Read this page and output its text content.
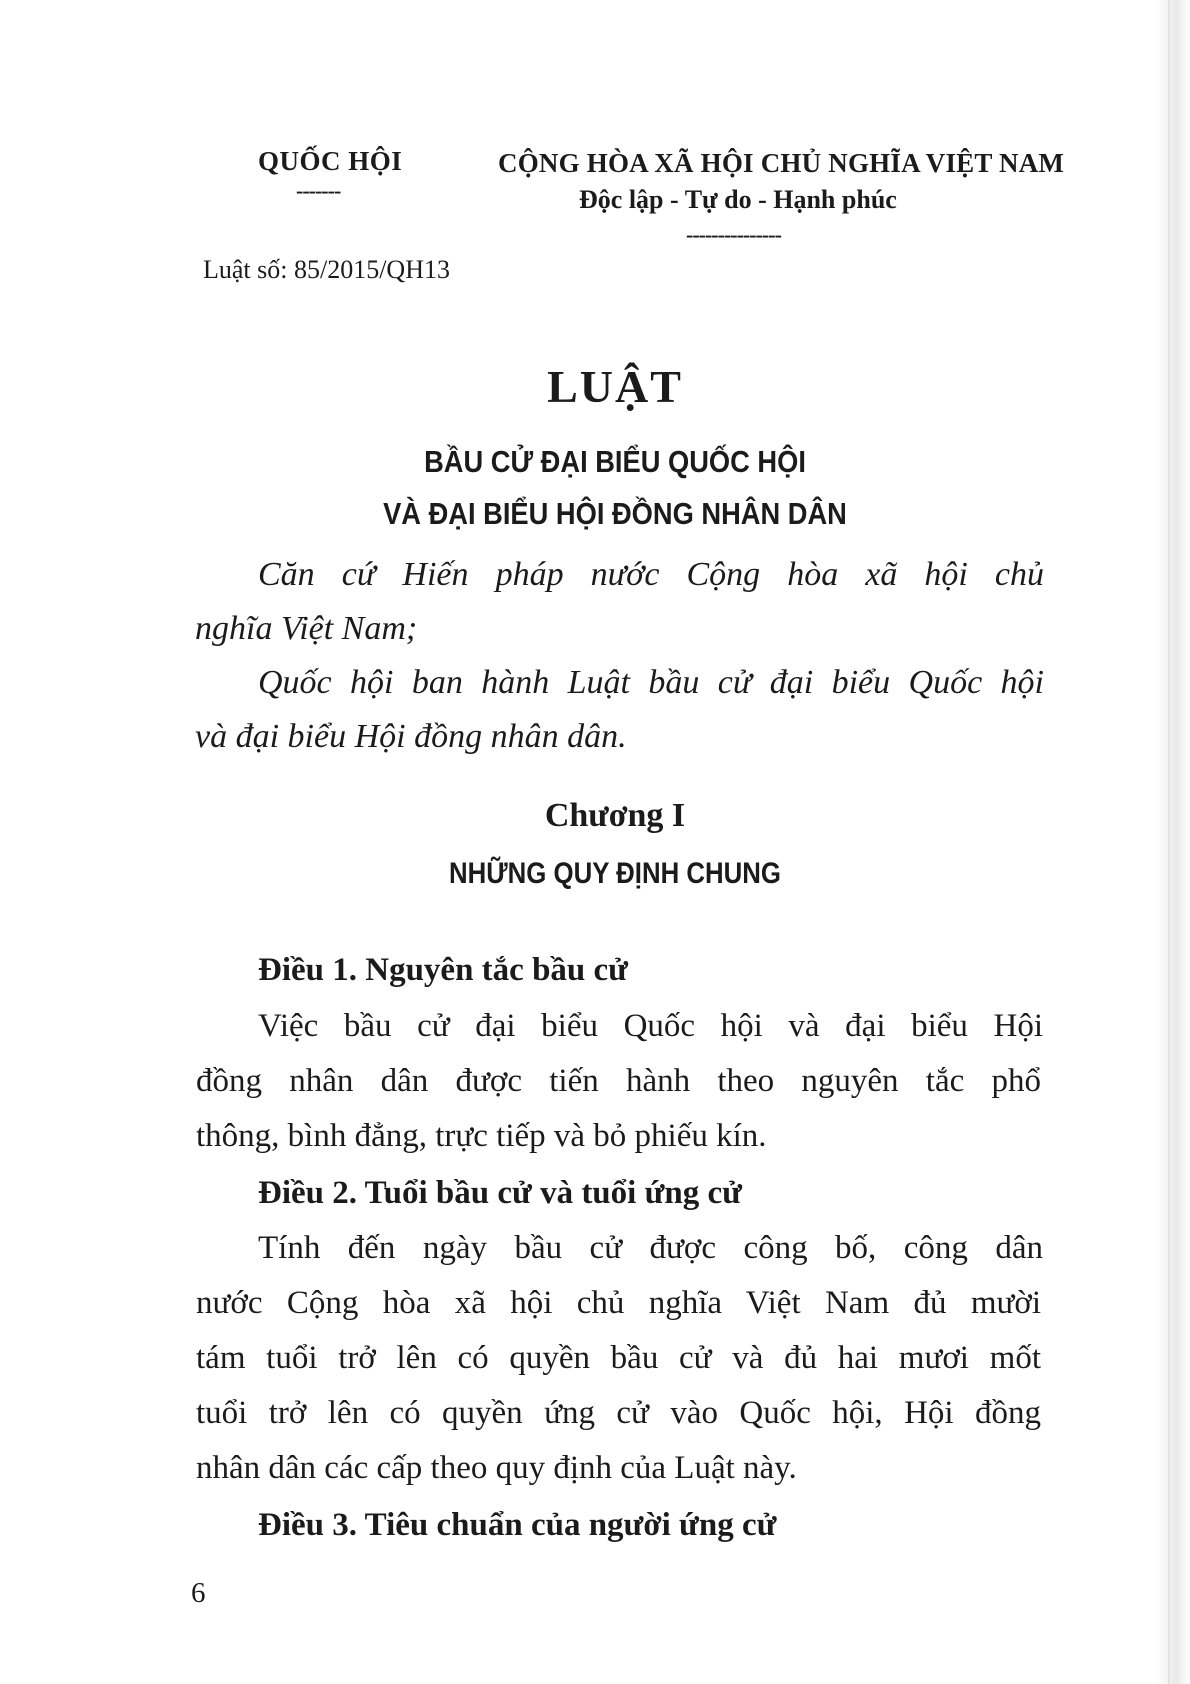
QUỐC HỘI
-------
CỘNG HÒA XÃ HỘI CHỦ NGHĨA VIỆT NAM
Độc lập - Tự do - Hạnh phúc
---------------
Luật số: 85/2015/QH13
LUẬT
BẦU CỬ ĐẠI BIỂU QUỐC HỘI
VÀ ĐẠI BIỂU HỘI ĐỒNG NHÂN DÂN
Căn cứ Hiến pháp nước Cộng hòa xã hội chủ
nghĩa Việt Nam;
Quốc hội ban hành Luật bầu cử đại biểu Quốc hội
và đại biểu Hội đồng nhân dân.
Chương I
NHỮNG QUY ĐỊNH CHUNG
Điều 1. Nguyên tắc bầu cử
Việc bầu cử đại biểu Quốc hội và đại biểu Hội
đồng nhân dân được tiến hành theo nguyên tắc phổ
thông, bình đẳng, trực tiếp và bỏ phiếu kín.
Điều 2. Tuổi bầu cử và tuổi ứng cử
Tính đến ngày bầu cử được công bố, công dân
nước Cộng hòa xã hội chủ nghĩa Việt Nam đủ mười
tám tuổi trở lên có quyền bầu cử và đủ hai mươi mốt
tuổi trở lên có quyền ứng cử vào Quốc hội, Hội đồng
nhân dân các cấp theo quy định của Luật này.
Điều 3. Tiêu chuẩn của người ứng cử
6
